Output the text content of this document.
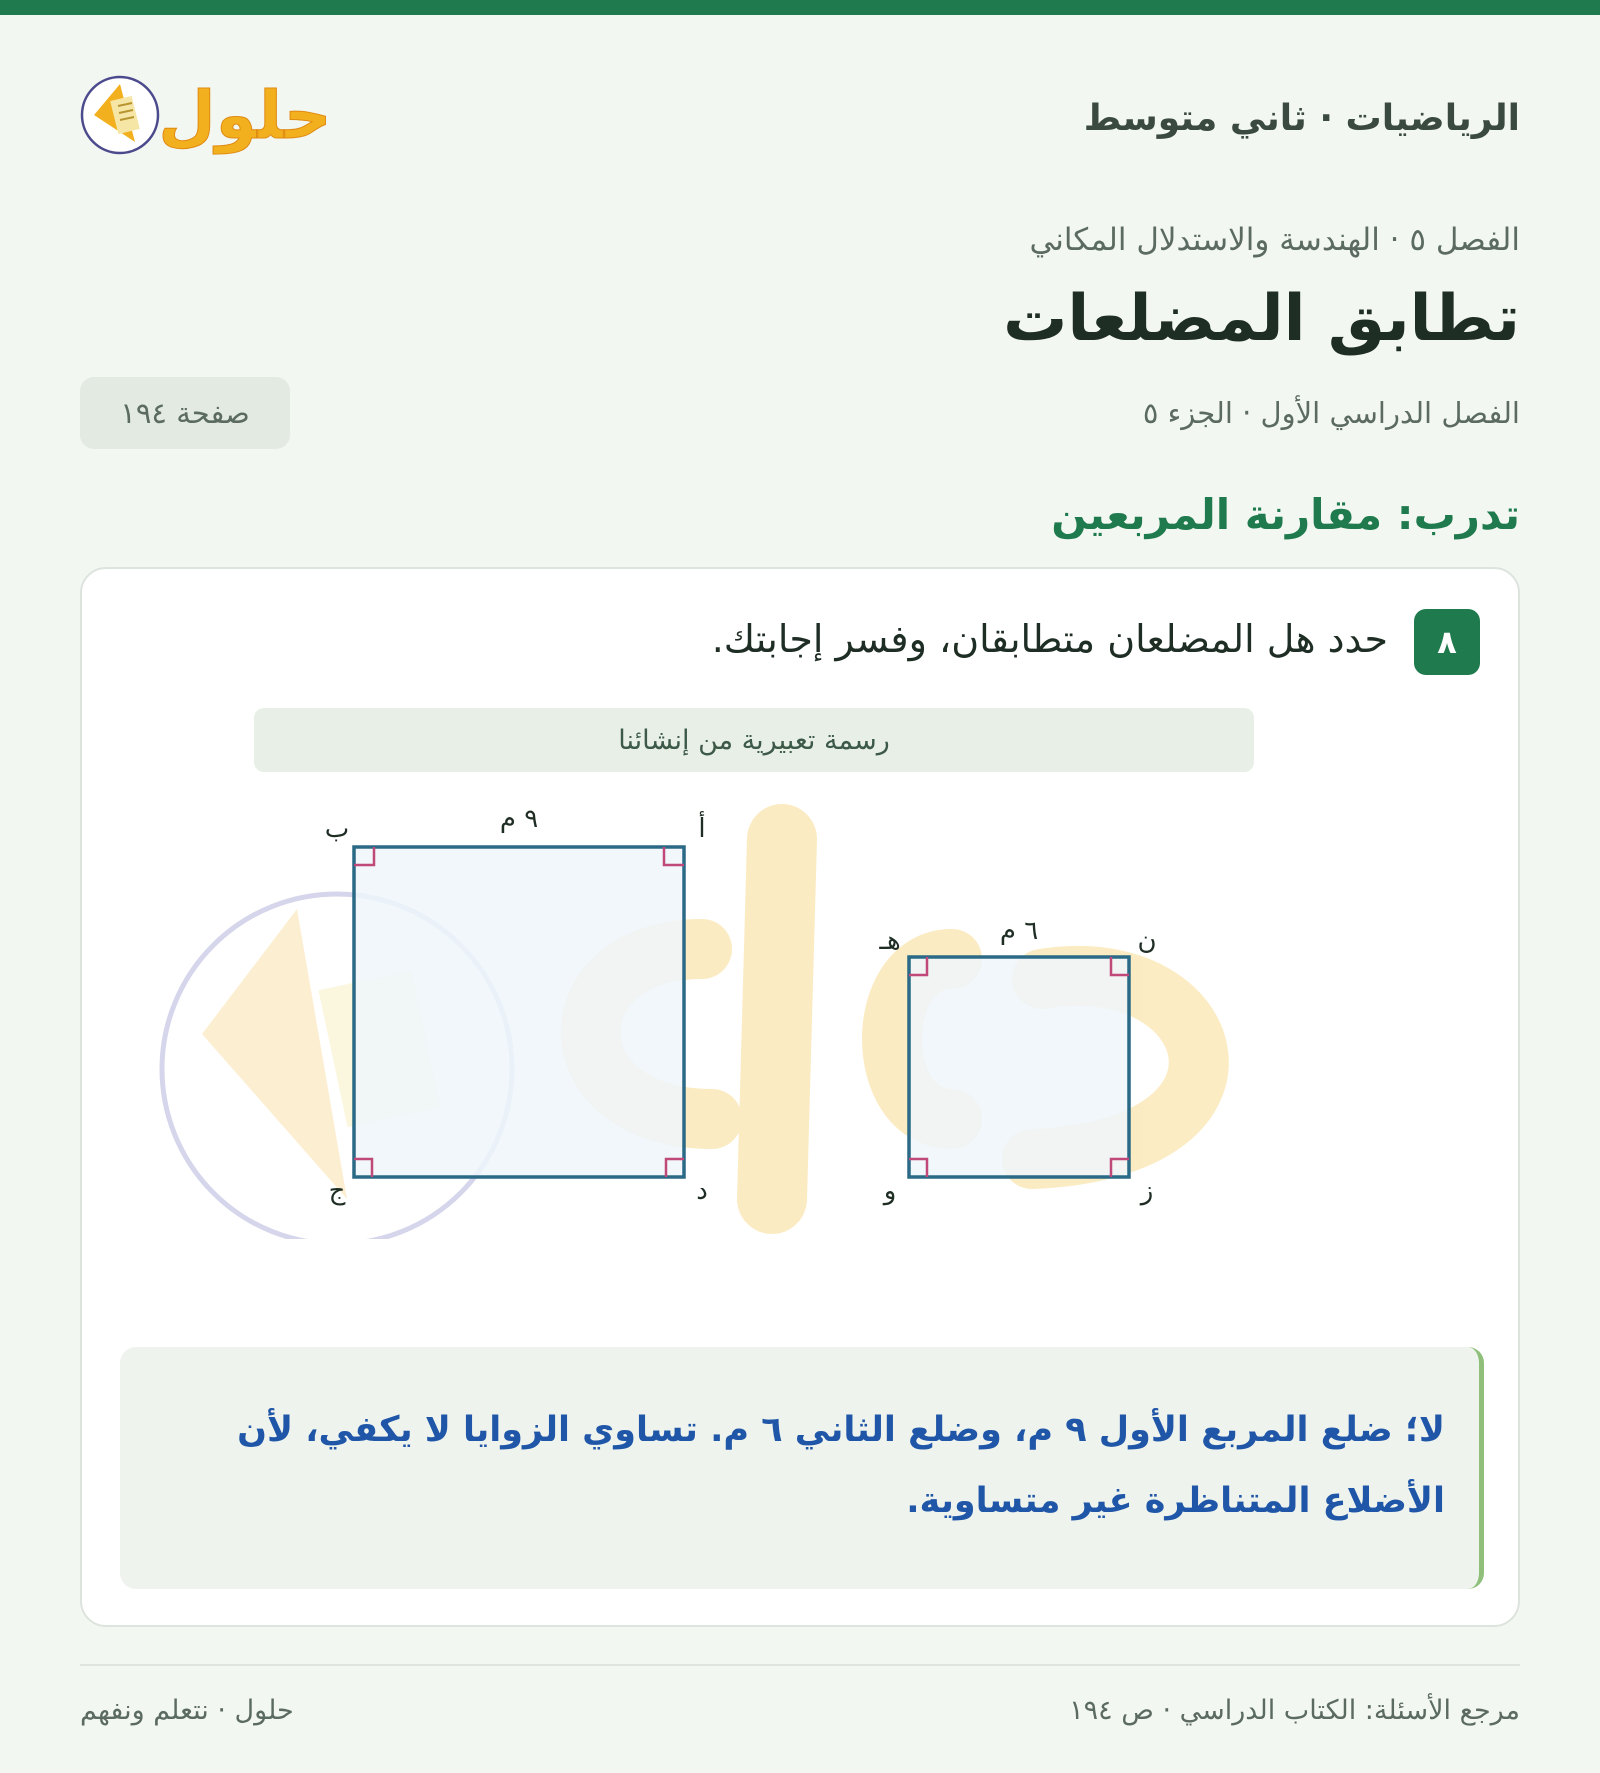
الرياضيات · ثاني متوسط
حلول
الفصل ٥ · الهندسة والاستدلال المكاني
تطابق المضلعات
الفصل الدراسي الأول · الجزء ٥
صفحة ١٩٤
تدرب: مقارنة المربعين
٨
حدد هل المضلعان متطابقان، وفسر إجابتك.
رسمة تعبيرية من إنشائنا
٩ م	أ
ب
ج	د
٦ م	ن
هـ
و	ز
لا؛ ضلع المربع الأول ٩ م، وضلع الثاني ٦ م. تساوي الزوايا لا يكفي، لأن الأضلاع المتناظرة غير متساوية.
مرجع الأسئلة: الكتاب الدراسي · ص ١٩٤
حلول · نتعلم ونفهم
